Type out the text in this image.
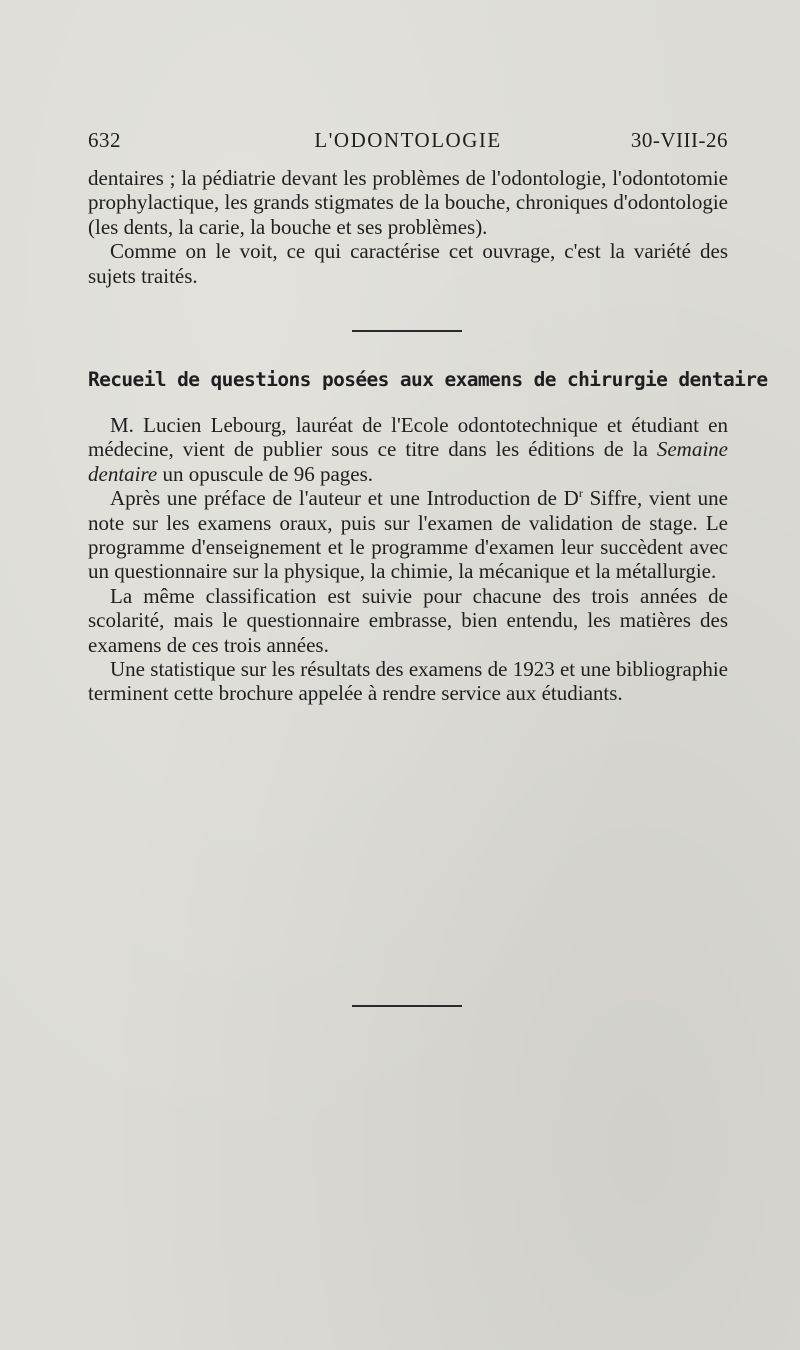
632	L'ODONTOLOGIE	30-VIII-26

dentaires ; la pédiatrie devant les problèmes de l'odontologie, l'odontotomie prophylactique, les grands stigmates de la bouche, chroniques d'odontologie (les dents, la carie, la bouche et ses problèmes).

Comme on le voit, ce qui caractérise cet ouvrage, c'est la variété des sujets traités.

Recueil de questions posées aux examens de chirurgie dentaire

M. Lucien Lebourg, lauréat de l'Ecole odontotechnique et étudiant en médecine, vient de publier sous ce titre dans les éditions de la Semaine dentaire un opuscule de 96 pages.

Après une préface de l'auteur et une Introduction de $D^r$ Siffre, vient une note sur les examens oraux, puis sur l'examen de validation de stage. Le programme d'enseignement et le programme d'examen leur succèdent avec un questionnaire sur la physique, la chimie, la mécanique et la métallurgie.

La même classification est suivie pour chacune des trois années de scolarité, mais le questionnaire embrasse, bien entendu, les matières des examens de ces trois années.

Une statistique sur les résultats des examens de 1923 et une bibliographie terminent cette brochure appelée à rendre service aux étudiants.
